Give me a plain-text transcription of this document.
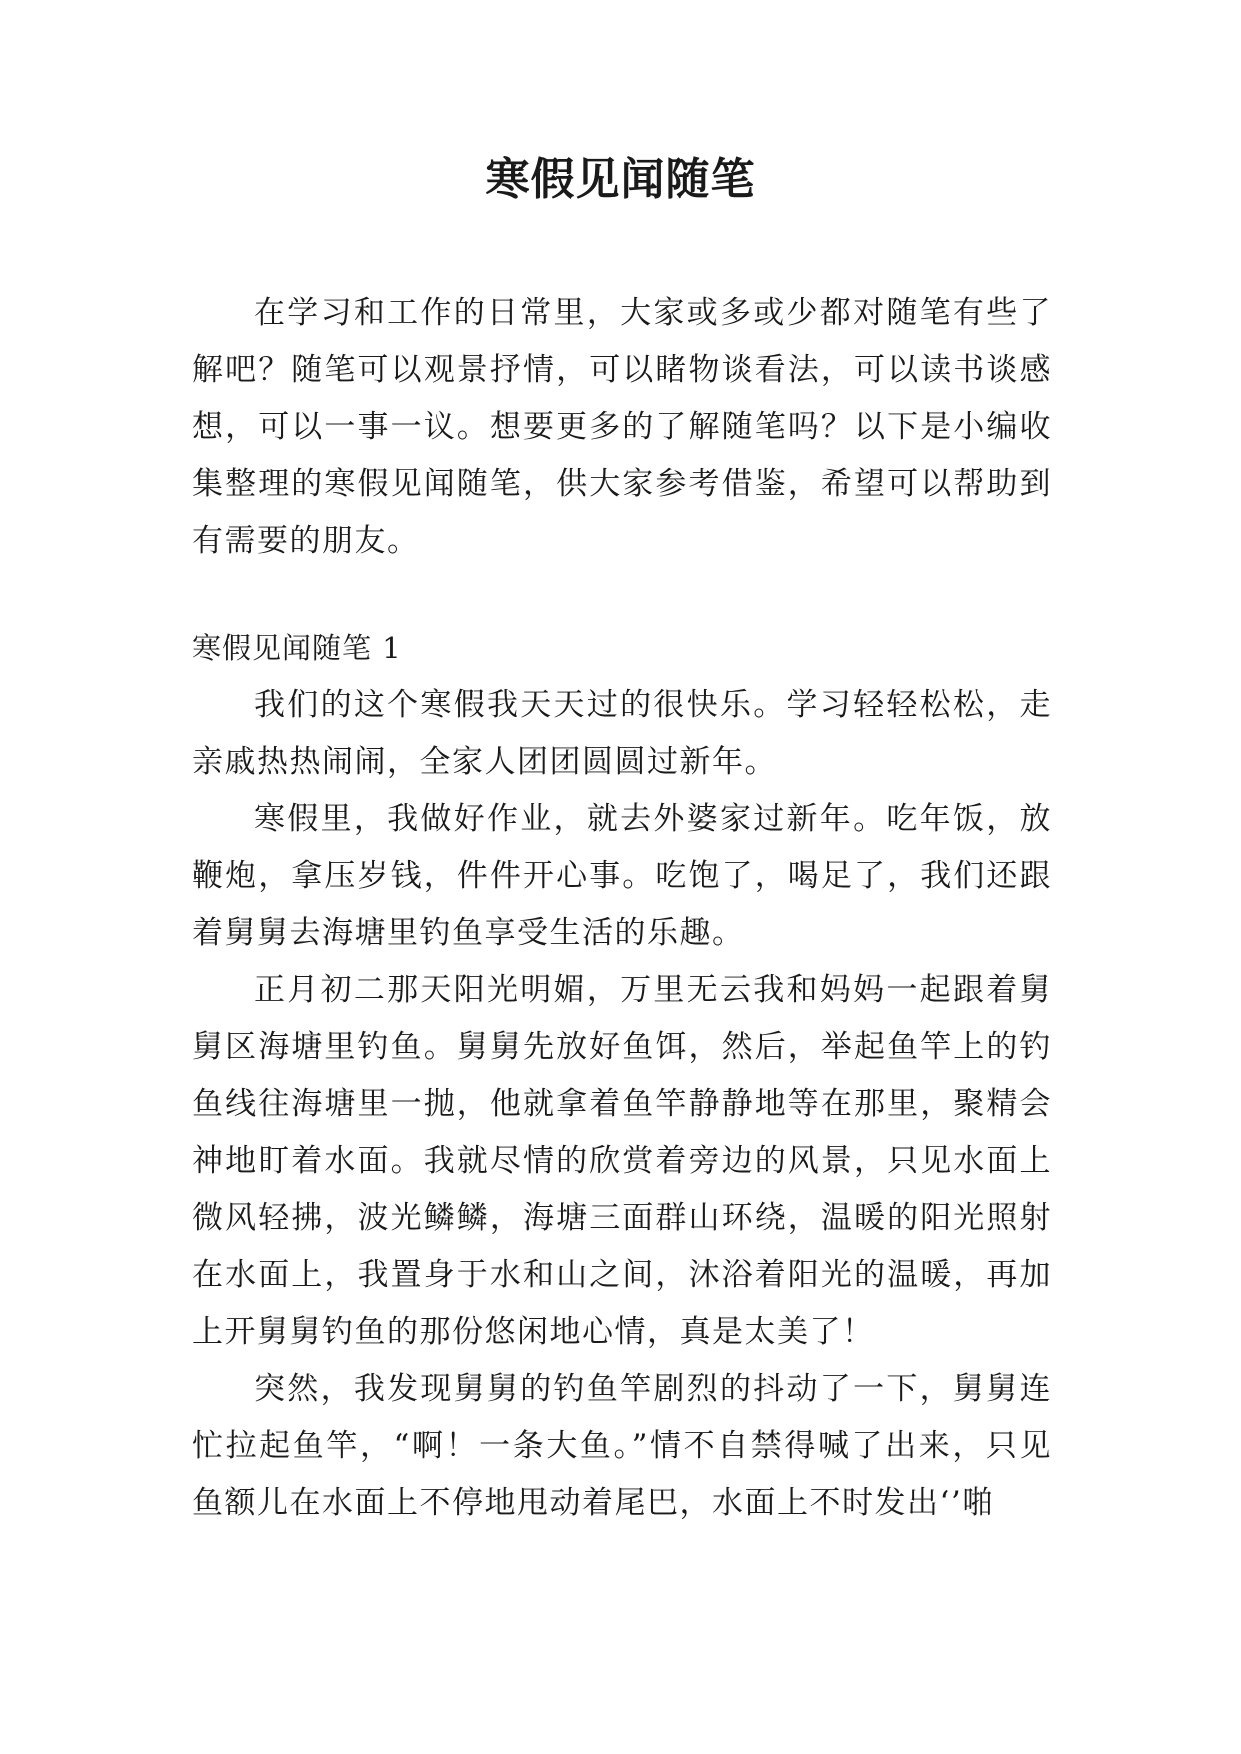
寒假见闻随笔

在学习和工作的日常里，大家或多或少都对随笔有些了解吧？随笔可以观景抒情，可以睹物谈看法，可以读书谈感想，可以一事一议。想要更多的了解随笔吗？以下是小编收集整理的寒假见闻随笔，供大家参考借鉴，希望可以帮助到有需要的朋友。

寒假见闻随笔 1

我们的这个寒假我天天过的很快乐。学习轻轻松松，走亲戚热热闹闹，全家人团团圆圆过新年。

寒假里，我做好作业，就去外婆家过新年。吃年饭，放鞭炮，拿压岁钱，件件开心事。吃饱了，喝足了，我们还跟着舅舅去海塘里钓鱼享受生活的乐趣。

正月初二那天阳光明媚，万里无云我和妈妈一起跟着舅舅区海塘里钓鱼。舅舅先放好鱼饵，然后，举起鱼竿上的钓鱼线往海塘里一抛，他就拿着鱼竿静静地等在那里，聚精会神地盯着水面。我就尽情的欣赏着旁边的风景，只见水面上微风轻拂，波光鳞鳞，海塘三面群山环绕，温暖的阳光照射在水面上，我置身于水和山之间，沐浴着阳光的温暖，再加上开舅舅钓鱼的那份悠闲地心情，真是太美了！

突然，我发现舅舅的钓鱼竿剧烈的抖动了一下，舅舅连忙拉起鱼竿，“啊！一条大鱼。”情不自禁得喊了出来，只见鱼额儿在水面上不停地甩动着尾巴，水面上不时发出‘’啪
